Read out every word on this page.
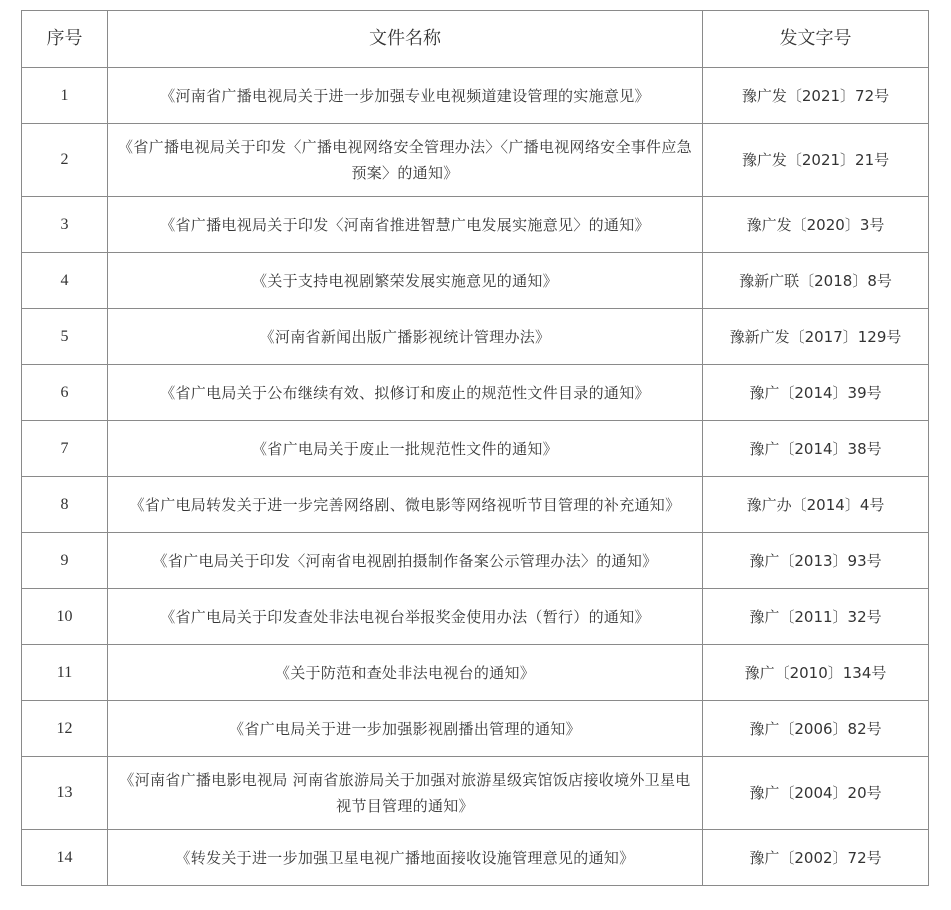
序号	文件名称	发文字号
1	《河南省广播电视局关于进一步加强专业电视频道建设管理的实施意见》	豫广发〔2021〕72号
2	《省广播电视局关于印发〈广播电视网络安全管理办法〉〈广播电视网络安全事件应急预案〉的通知》	豫广发〔2021〕21号
3	《省广播电视局关于印发〈河南省推进智慧广电发展实施意见〉的通知》	豫广发〔2020〕3号
4	《关于支持电视剧繁荣发展实施意见的通知》	豫新广联〔2018〕8号
5	《河南省新闻出版广播影视统计管理办法》	豫新广发〔2017〕129号
6	《省广电局关于公布继续有效、拟修订和废止的规范性文件目录的通知》	豫广〔2014〕39号
7	《省广电局关于废止一批规范性文件的通知》	豫广〔2014〕38号
8	《省广电局转发关于进一步完善网络剧、微电影等网络视听节目管理的补充通知》	豫广办〔2014〕4号
9	《省广电局关于印发〈河南省电视剧拍摄制作备案公示管理办法〉的通知》	豫广〔2013〕93号
10	《省广电局关于印发查处非法电视台举报奖金使用办法（暂行）的通知》	豫广〔2011〕32号
11	《关于防范和查处非法电视台的通知》	豫广〔2010〕134号
12	《省广电局关于进一步加强影视剧播出管理的通知》	豫广〔2006〕82号
13	《河南省广播电影电视局 河南省旅游局关于加强对旅游星级宾馆饭店接收境外卫星电视节目管理的通知》	豫广〔2004〕20号
14	《转发关于进一步加强卫星电视广播地面接收设施管理意见的通知》	豫广〔2002〕72号
